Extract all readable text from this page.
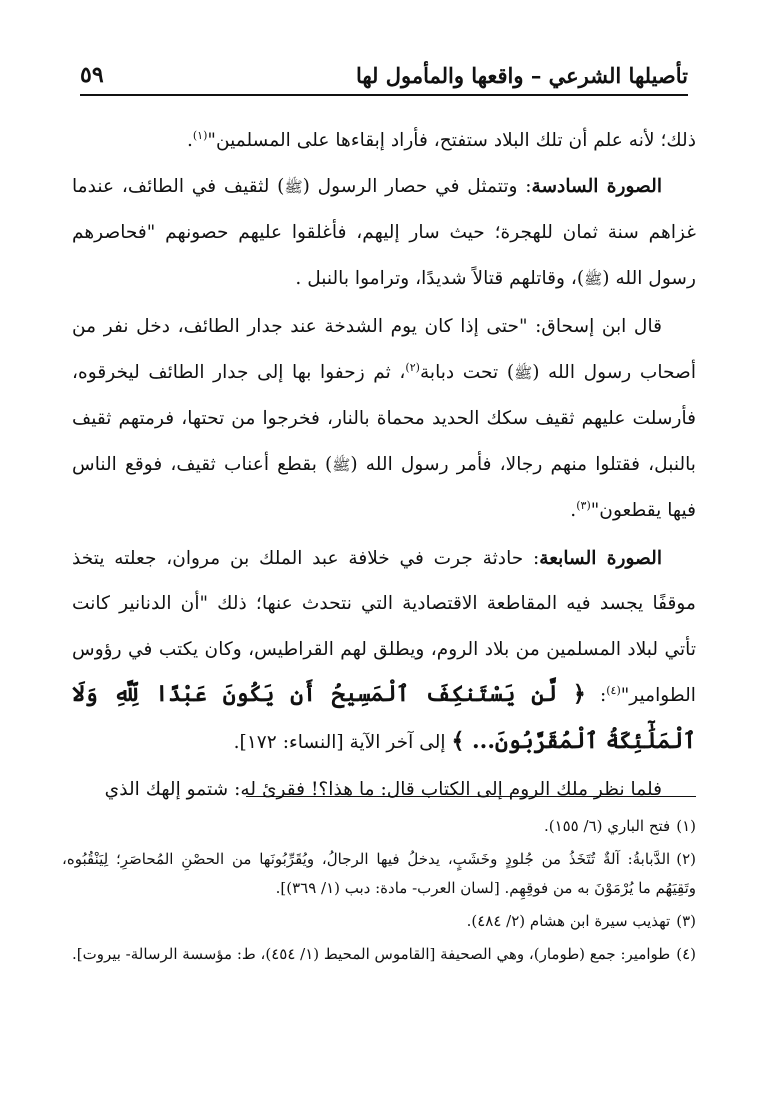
تأصيلها الشرعي – واقعها والمأمول لها
٥٩

ذلك؛ لأنه علم أن تلك البلاد ستفتح، فأراد إبقاءها على المسلمين"$^{(١)}$.

الصورة السادسة: وتتمثل في حصار الرسول (ﷺ) لثقيف في الطائف، عندما غزاهم سنة ثمان للهجرة؛ حيث سار إليهم، فأغلقوا عليهم حصونهم "فحاصرهم رسول الله (ﷺ)، وقاتلهم قتالاً شديدًا، وتراموا بالنبل .

قال ابن إسحاق: "حتى إذا كان يوم الشدخة عند جدار الطائف، دخل نفر من أصحاب رسول الله (ﷺ) تحت دبابة$^{(٢)}$، ثم زحفوا بها إلى جدار الطائف ليخرقوه، فأرسلت عليهم ثقيف سكك الحديد محماة بالنار، فخرجوا من تحتها، فرمتهم ثقيف بالنبل، فقتلوا منهم رجالا، فأمر رسول الله (ﷺ) بقطع أعناب ثقيف، فوقع الناس فيها يقطعون"$^{(٣)}$.

الصورة السابعة: حادثة جرت في خلافة عبد الملك بن مروان، جعلته يتخذ موقفًا يجسد فيه المقاطعة الاقتصادية التي نتحدث عنها؛ ذلك "أن الدنانير كانت تأتي لبلاد المسلمين من بلاد الروم، ويطلق لهم القراطيس، وكان يكتب في رؤوس الطوامير"$^{(٤)}$: ﴿ لَّن يَسْتَنكِفَ ٱلْمَسِيحُ أَن يَكُونَ عَبْدًا لِّلَّهِ وَلَا ٱلْمَلَٰٓئِكَةُ ٱلْمُقَرَّبُونَ... ﴾ إلى آخر الآية [النساء: ١٧٢].

فلما نظر ملك الروم إلى الكتاب قال: ما هذا؟! فقرئ له: شتمو إلهك الذي

(١)فتح الباري (٦/ ١٥٥).

(٢)الدَّبابةُ: آلةٌ تُتَخَذُ من جُلودٍ وخَشَبٍ، يدخلُ فيها الرجالُ، ويُقَرِّبُونَها من الحصْنِ المُحاصَرِ؛ لِيَنْقُبُوه، وتَقِيَهُم ما يُرْمَوْنَ به من فوقِهِم. [لسان العرب- مادة: دبب (١/ ٣٦٩)].

(٣)تهذيب سيرة ابن هشام (٢/ ٤٨٤).

(٤)طوامير: جمع (طومار)، وهي الصحيفة [القاموس المحيط (١/ ٤٥٤)، ط: مؤسسة الرسالة- بيروت].
